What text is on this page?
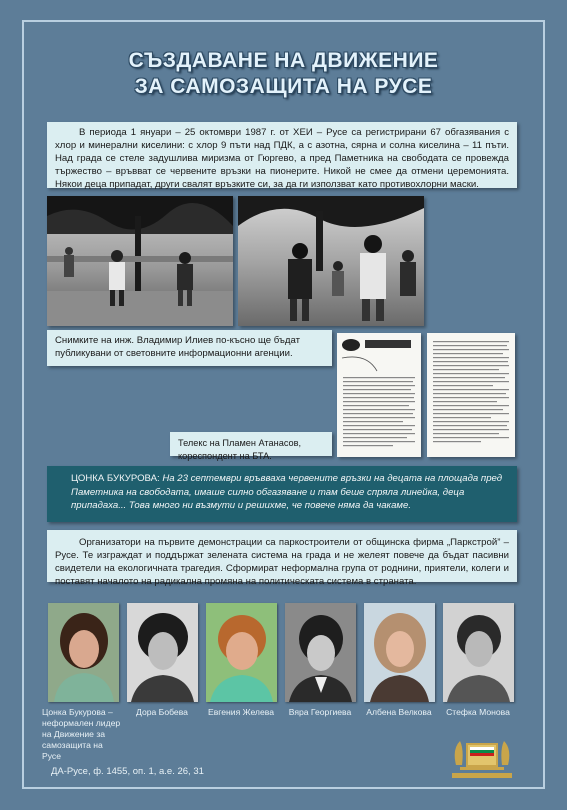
СЪЗДАВАНЕ НА ДВИЖЕНИЕ
ЗА САМОЗАЩИТА НА РУСЕ
В периода 1 януари – 25 октомври 1987 г. от ХЕИ – Русе са регистрирани 67 обгазявания с хлор и минерални киселини: с хлор 9 пъти над ПДК, а с азотна, сярна и солна киселина – 11 пъти. Над града се стеле задушлива миризма от Гюргево, а пред Паметника на свободата се провежда тържество – връвват се червените връзки на пионерите. Никой не смее да отмени церемонията. Някои деца припадат, други свалят връзките си, за да ги използват като противохлорни маски.
Снимките на инж. Владимир Илиев по-късно ще бъдат публикувани от световните информационни агенции.
Телекс на Пламен Атанасов, кореспондент на БТА.
ЦОНКА БУКУРОВА: На 23 септември връвваха червените връзки на децата на площада пред Паметника на свободата, имаше силно обгазяване и там беше спряла линейка, деца припадаха... Това много ни възмути и решихме, че повече няма да чакаме.
Организатори на първите демонстрации са паркостроители от общинска фирма „Паркстрой” – Русе. Те изграждат и поддържат зелената система на града и не желеят повече да бъдат пасивни свидетели на екологичната трагедия. Сформират неформална група от роднини, приятели, колеги и поставят началото на радикална промяна на политическата система в страната.
Цонка Букурова – неформален лидер на Движение за самозащита на Русе
Дора Бобева	Евгения Желева	Вяра Георгиева	Албена Велкова	Стефка Монова
ДА-Русе, ф. 1455, оп. 1, а.е. 26, 31
